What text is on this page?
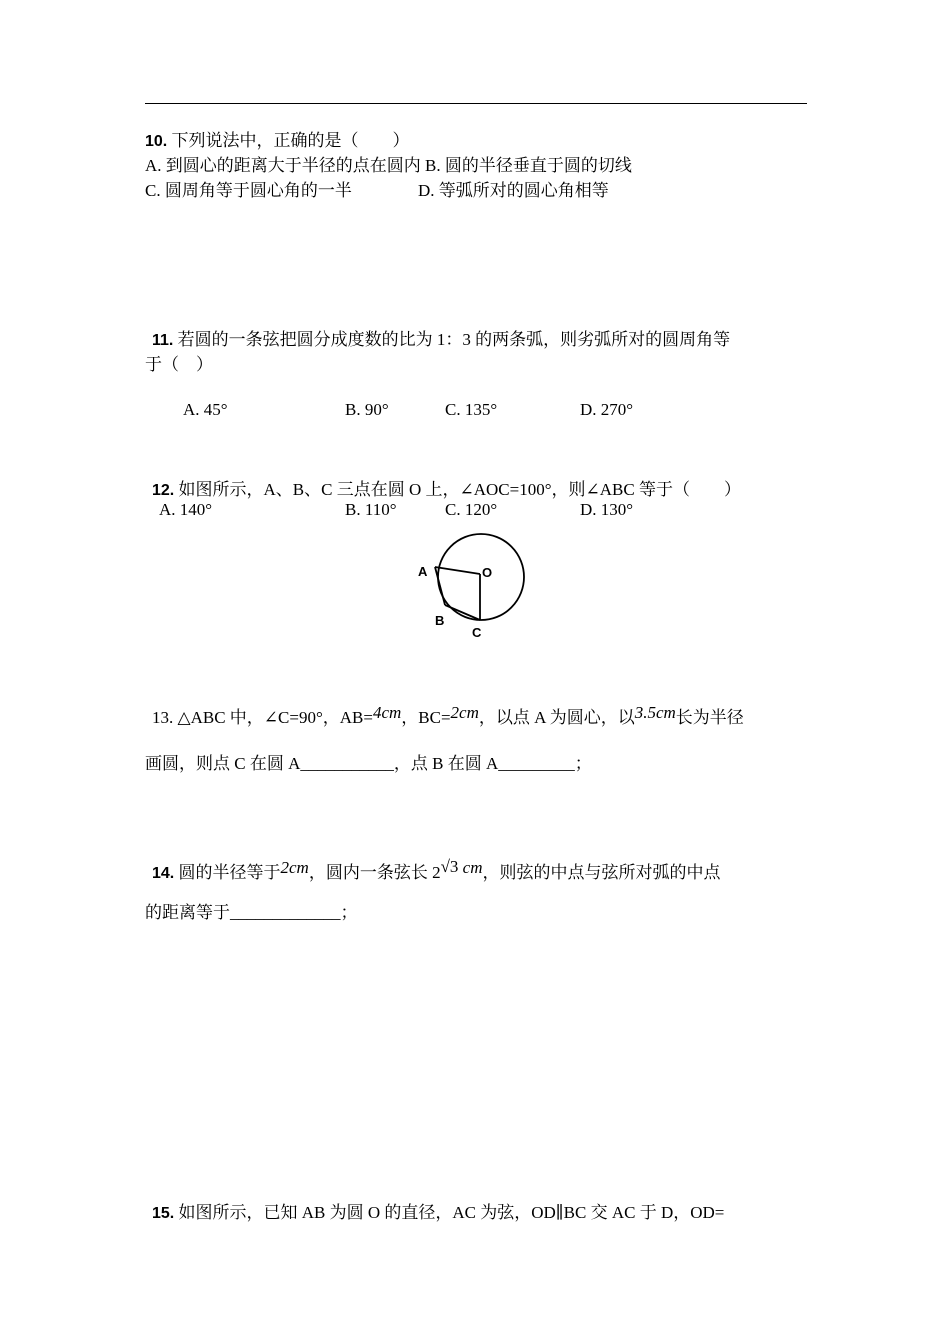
10. 下列说法中，正确的是（　　）
A. 到圆心的距离大于半径的点在圆内 B. 圆的半径垂直于圆的切线
C. 圆周角等于圆心角的一半	D. 等弧所对的圆心角相等
11. 若圆的一条弦把圆分成度数的比为 1：3 的两条弧，则劣弧所对的圆周角等
于（　）
A. 45°	B. 90°	C. 135°	D. 270°
12. 如图所示，A、B、C 三点在圆 O 上，∠AOC=100°，则∠ABC 等于（　　）
A. 140°	B. 110°	C. 120°	D. 130°
A	O
B
C
13. △ABC 中，∠C=90°，AB=4cm，BC=2cm，以点 A 为圆心，以3.5cm长为半径
画圆，则点 C 在圆 A___________，点 B 在圆 A_________；
14. 圆的半径等于2cm，圆内一条弦长 2√3 cm，则弦的中点与弦所对弧的中点
的距离等于_____________；
15. 如图所示，已知 AB 为圆 O 的直径，AC 为弦，OD∥BC 交 AC 于 D，OD=
